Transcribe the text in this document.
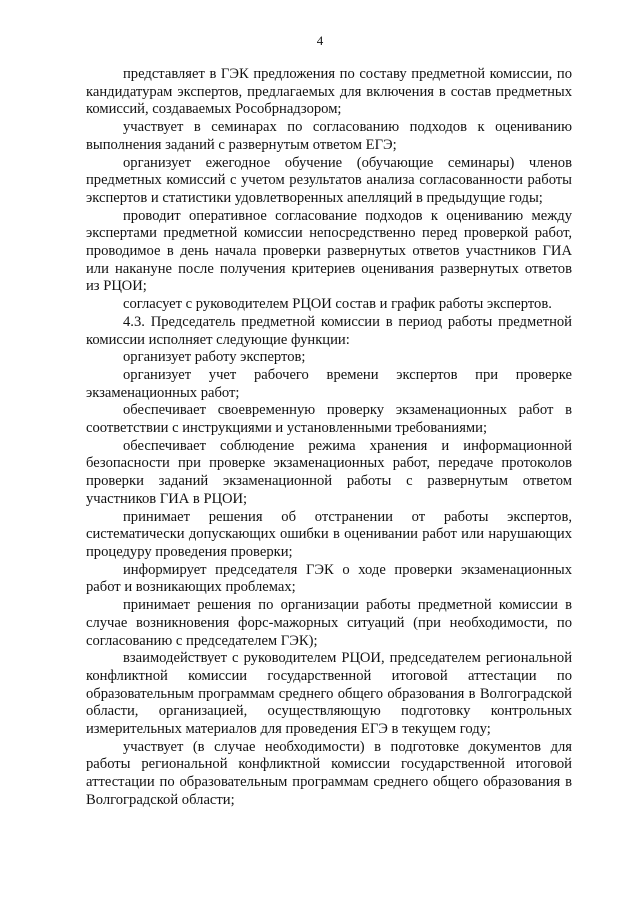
4

представляет в ГЭК предложения по составу предметной комиссии, по кандидатурам экспертов, предлагаемых для включения в состав предметных комиссий, создаваемых Рособрнадзором;

участвует в семинарах по согласованию подходов к оцениванию выполнения заданий с развернутым ответом ЕГЭ;

организует ежегодное обучение (обучающие семинары) членов предметных комиссий с учетом результатов анализа согласованности работы экспертов и статистики удовлетворенных апелляций в предыдущие годы;

проводит оперативное согласование подходов к оцениванию между экспертами предметной комиссии непосредственно перед проверкой работ, проводимое в день начала проверки развернутых ответов участников ГИА или накануне после получения критериев оценивания развернутых ответов из РЦОИ;

согласует с руководителем РЦОИ состав и график работы экспертов.

4.3. Председатель предметной комиссии в период работы предметной комиссии исполняет следующие функции:

организует работу экспертов;

организует учет рабочего времени экспертов при проверке экзаменационных работ;

обеспечивает своевременную проверку экзаменационных работ в соответствии с инструкциями и установленными требованиями;

обеспечивает соблюдение режима хранения и информационной безопасности при проверке экзаменационных работ, передаче протоколов проверки заданий экзаменационной работы с развернутым ответом участников ГИА в РЦОИ;

принимает решения об отстранении от работы экспертов, систематически допускающих ошибки в оценивании работ или нарушающих процедуру проведения проверки;

информирует председателя ГЭК о ходе проверки экзаменационных работ и возникающих проблемах;

принимает решения по организации работы предметной комиссии в случае возникновения форс-мажорных ситуаций (при необходимости, по согласованию с председателем ГЭК);

взаимодействует с руководителем РЦОИ, председателем региональной конфликтной комиссии государственной итоговой аттестации по образовательным программам среднего общего образования в Волгоградской области, организацией, осуществляющую подготовку контрольных измерительных материалов для проведения ЕГЭ в текущем году;

участвует (в случае необходимости) в подготовке документов для работы региональной конфликтной комиссии государственной итоговой аттестации по образовательным программам среднего общего образования в Волгоградской области;
